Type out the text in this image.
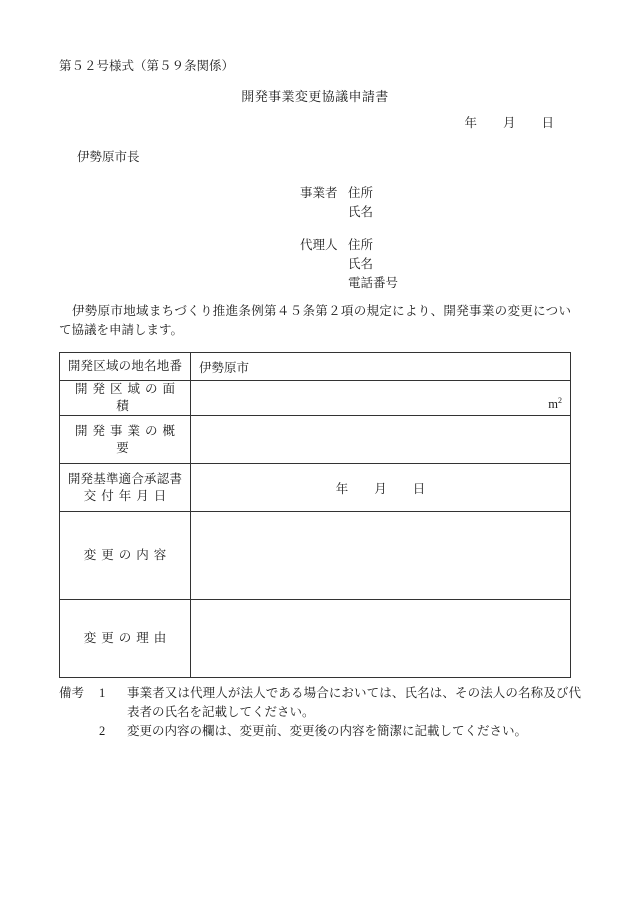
第５２号様式（第５９条関係）
開発事業変更協議申請書
年 月 日
伊勢原市長
事業者 住所
氏名
代理人 住所
氏名
電話番号
伊勢原市地域まちづくり推進条例第４５条第２項の規定により、開発事業の変更について協議を申請します。
開発区域の地名地番	伊勢原市

開発区域の面積	$m^2$

開発事業の概要	

開発基準適合承認書
交付年月日	年 月 日

変更の内容	

変更の理由	

備考	1	事業者又は代理人が法人である場合においては、氏名は、その法人の名称及び代表者の氏名を記載してください。
2	変更の内容の欄は、変更前、変更後の内容を簡潔に記載してください。
